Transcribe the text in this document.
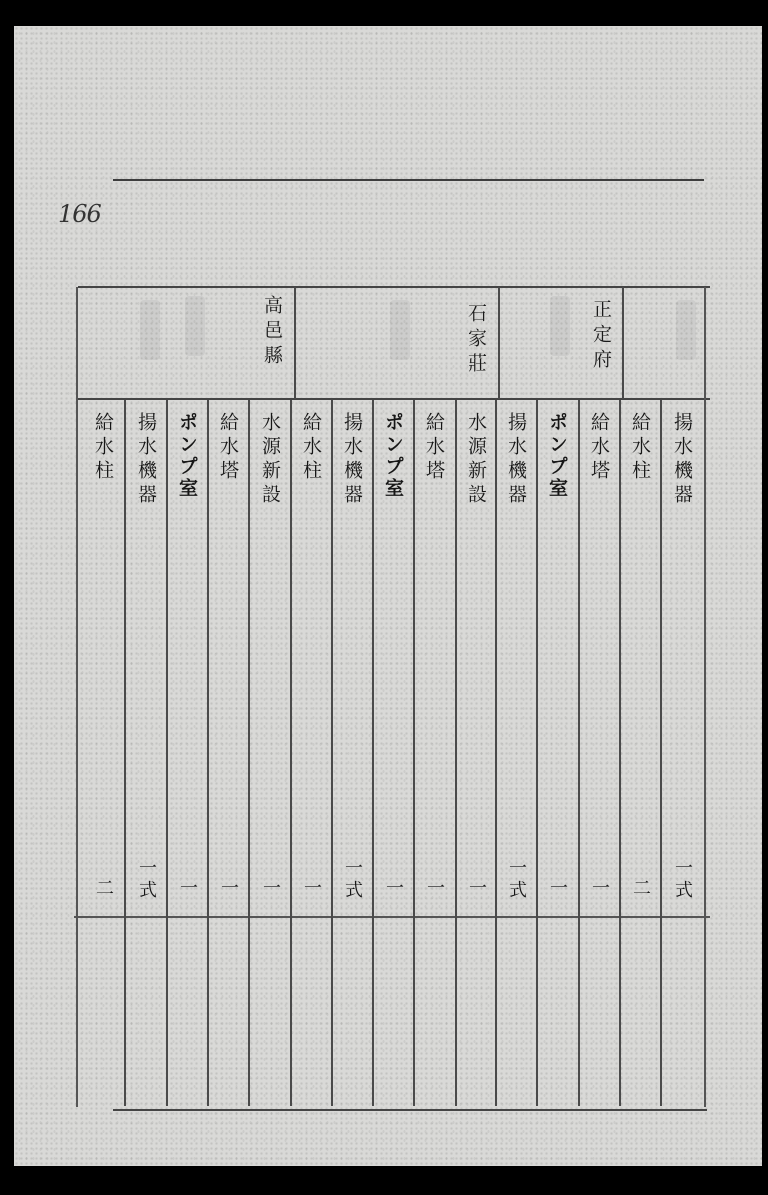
166
高邑縣	石家莊	正定府
給水柱	揚水機器	ポンプ室	給水塔	水源新設	給水柱	揚水機器	ポンプ室	給水塔	水源新設 揚水機器	ポンプ室	給水塔	給水柱	揚水機器
二	一式	一	一	一	一	一式	一	一	一	一式	一	一	二	一式
